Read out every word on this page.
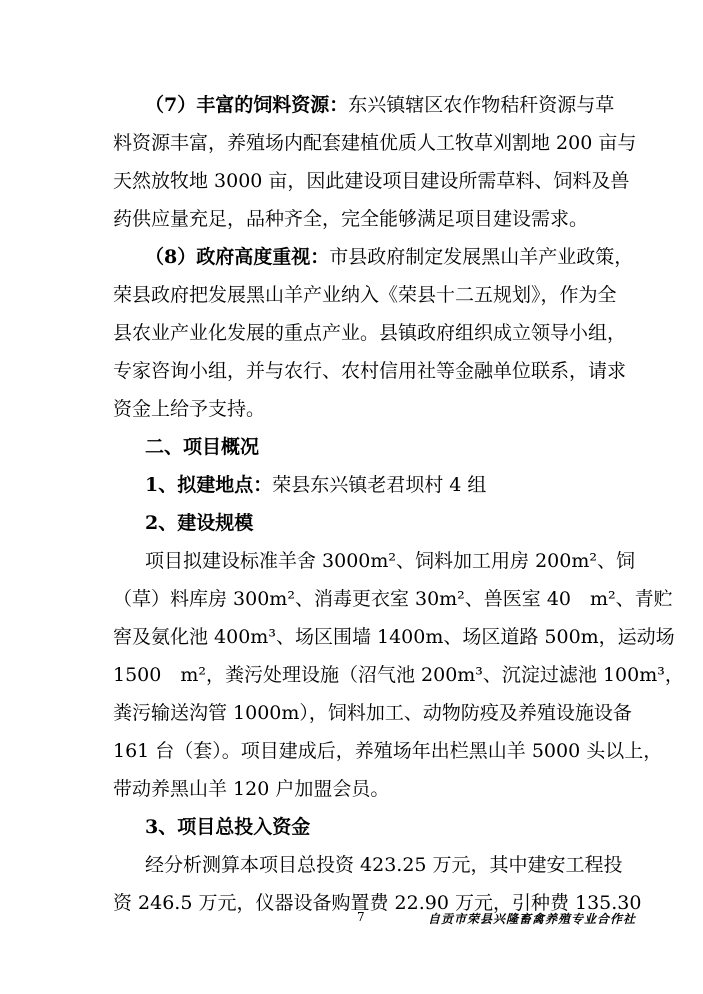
（7）丰富的饲料资源：东兴镇辖区农作物秸秆资源与草
料资源丰富，养殖场内配套建植优质人工牧草刈割地 200 亩与
天然放牧地 3000 亩，因此建设项目建设所需草料、饲料及兽
药供应量充足，品种齐全，完全能够满足项目建设需求。
（8）政府高度重视：市县政府制定发展黑山羊产业政策，
荣县政府把发展黑山羊产业纳入《荣县十二五规划》，作为全
县农业产业化发展的重点产业。县镇政府组织成立领导小组，
专家咨询小组，并与农行、农村信用社等金融单位联系，请求
资金上给予支持。
二、项目概况
1、拟建地点：荣县东兴镇老君坝村 4 组
2、建设规模
项目拟建设标准羊舍 3000m²、饲料加工用房 200m²、饲
（草）料库房 300m²、消毒更衣室 30m²、兽医室 40　m²、青贮
窖及氨化池 400m³、场区围墙 1400m、场区道路 500m，运动场
1500　m²，粪污处理设施（沼气池 200m³、沉淀过滤池 100m³，
粪污输送沟管 1000m），饲料加工、动物防疫及养殖设施设备
161 台（套）。项目建成后，养殖场年出栏黑山羊 5000 头以上，
带动养黑山羊 120 户加盟会员。
3、项目总投入资金
经分析测算本项目总投资 423.25 万元，其中建安工程投
资 246.5 万元，仪器设备购置费 22.90 万元，引种费 135.30
7	自贡市荣县兴隆畜禽养殖专业合作社
